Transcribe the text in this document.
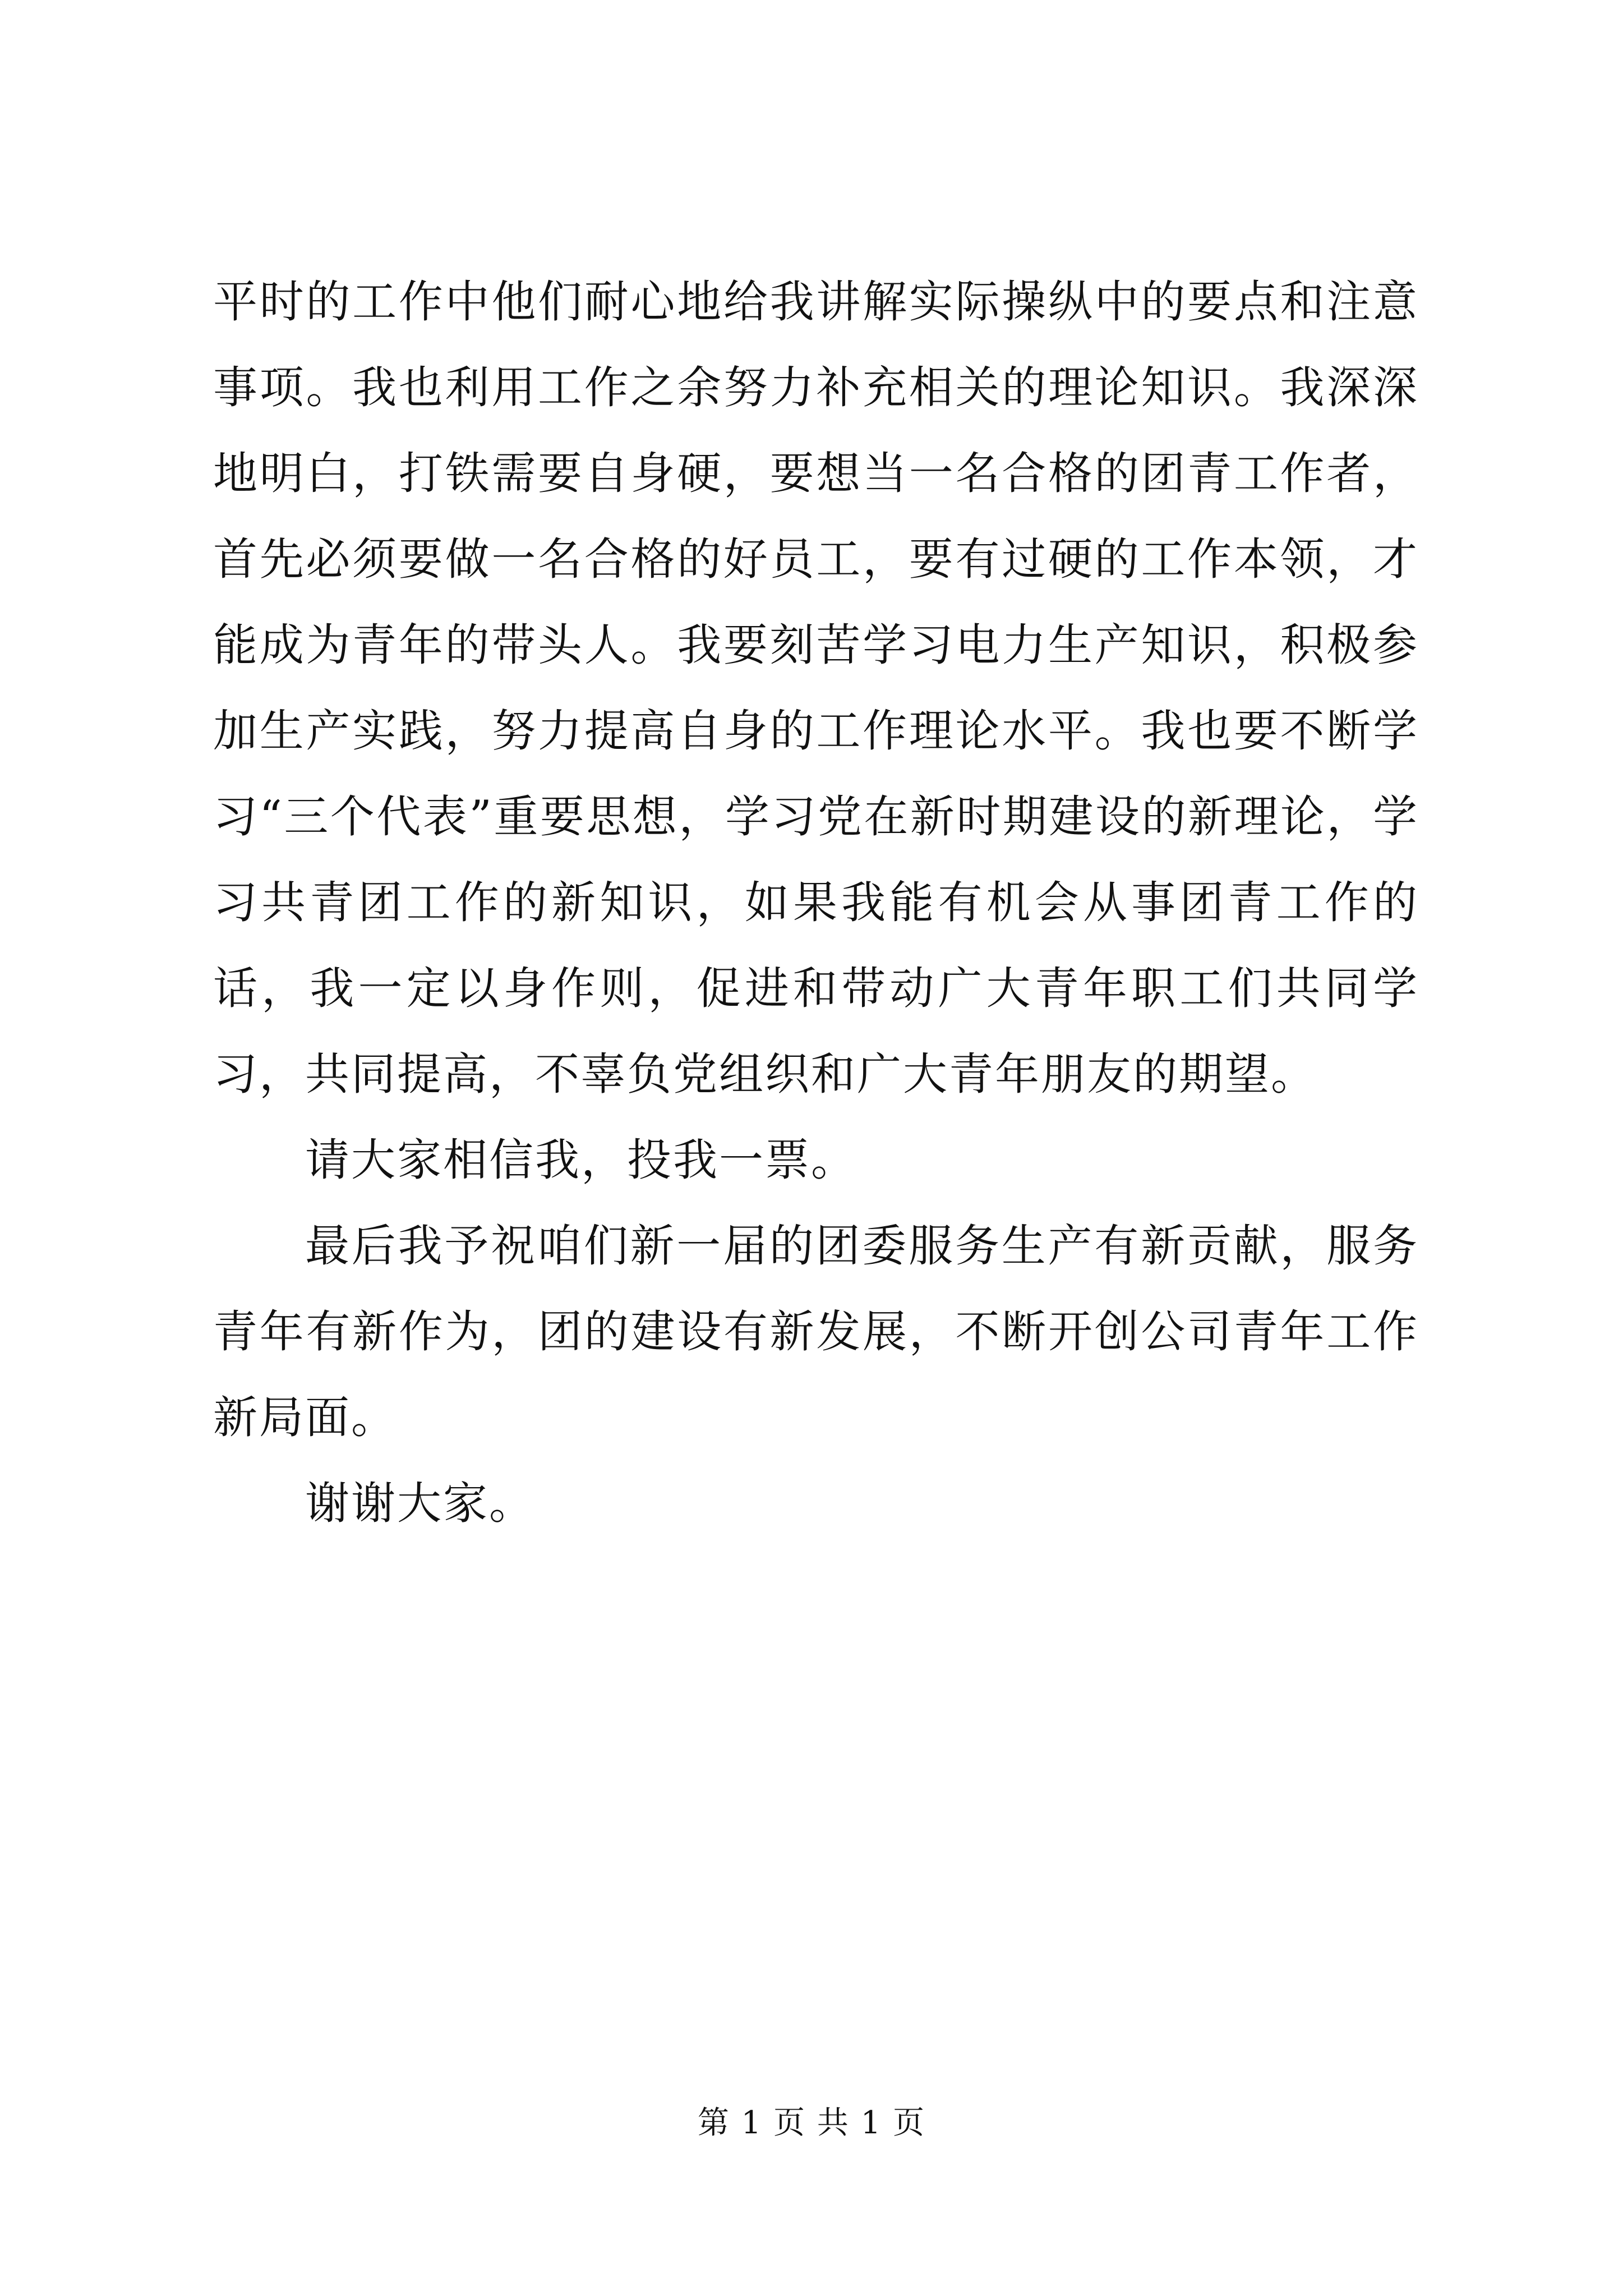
平时的工作中他们耐心地给我讲解实际操纵中的要点和注意事项。我也利用工作之余努力补充相关的理论知识。我深深地明白，打铁需要自身硬，要想当一名合格的团青工作者，首先必须要做一名合格的好员工，要有过硬的工作本领，才能成为青年的带头人。我要刻苦学习电力生产知识，积极参加生产实践，努力提高自身的工作理论水平。我也要不断学习“三个代表”重要思想，学习党在新时期建设的新理论，学习共青团工作的新知识，如果我能有机会从事团青工作的话，我一定以身作则，促进和带动广大青年职工们共同学习，共同提高，不辜负党组织和广大青年朋友的期望。

请大家相信我，投我一票。

最后我予祝咱们新一届的团委服务生产有新贡献，服务青年有新作为，团的建设有新发展，不断开创公司青年工作新局面。

谢谢大家。

第 1 页 共 1 页
